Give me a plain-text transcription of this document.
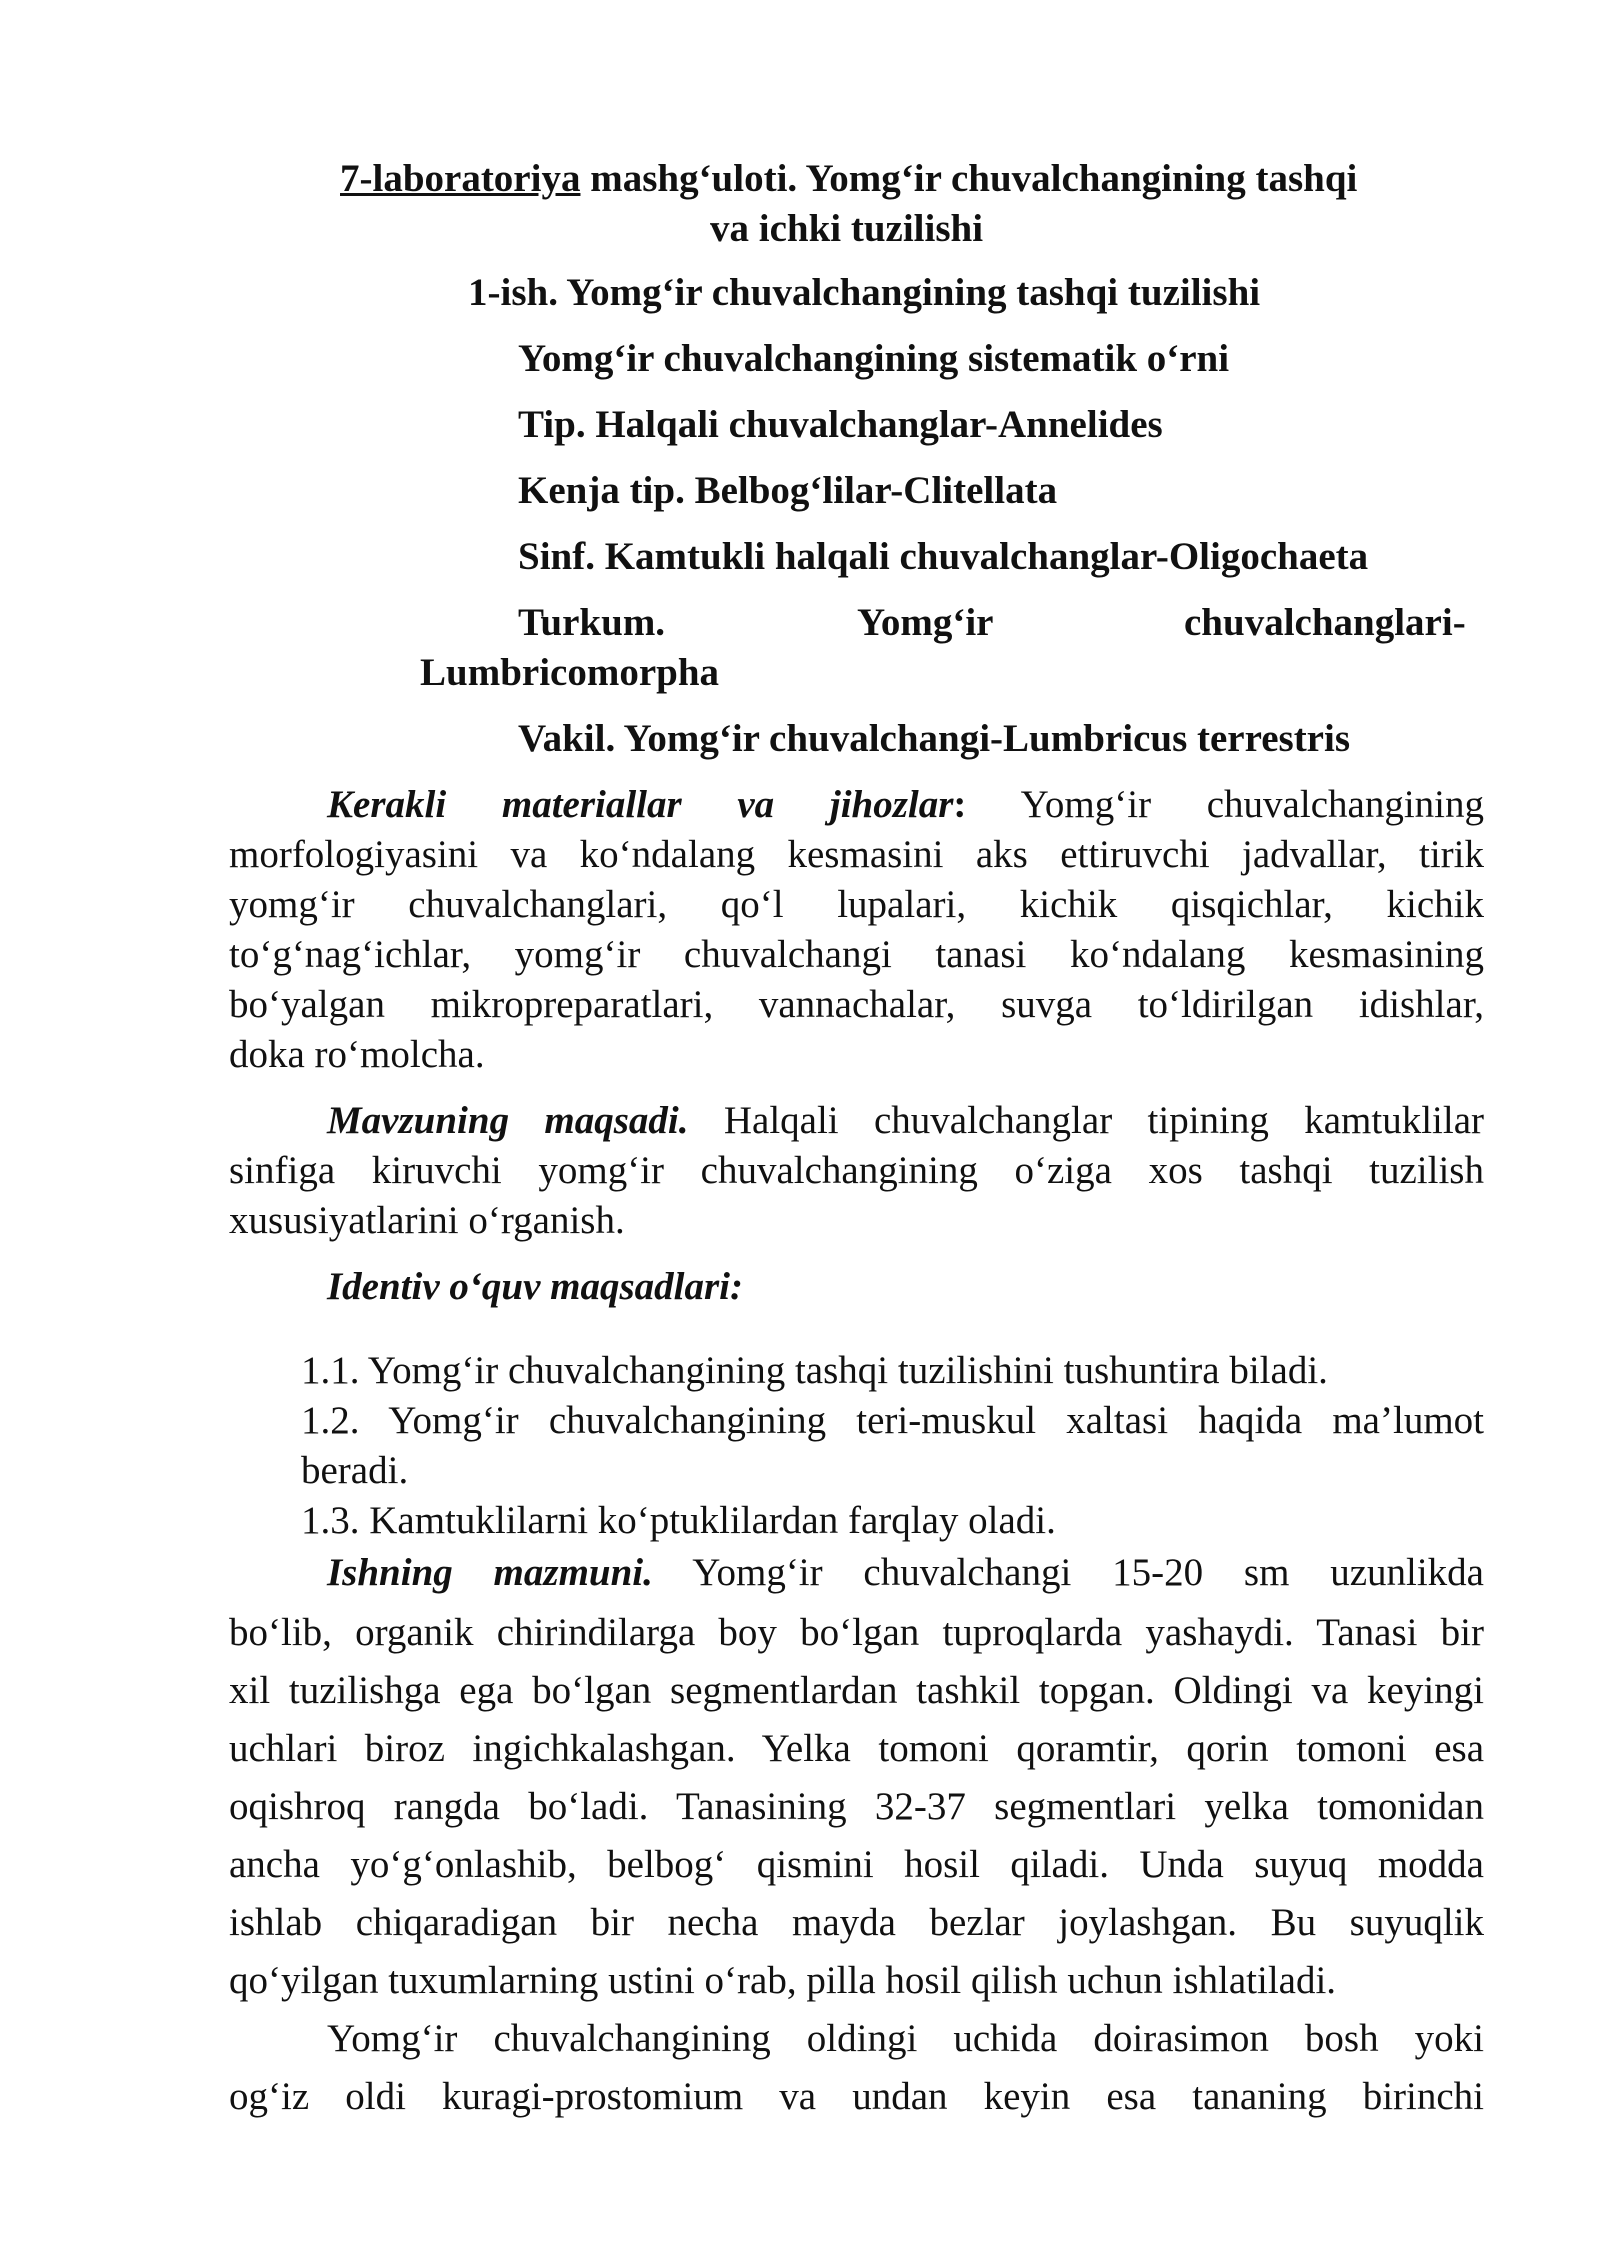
7-laboratoriya mashg‘uloti. Yomg‘ir chuvalchangining tashqi
va ichki tuzilishi
1-ish. Yomg‘ir chuvalchangining tashqi tuzilishi
Yomg‘ir chuvalchangining sistematik o‘rni
Tip. Halqali chuvalchanglar-Annelides
Kenja tip. Belbog‘lilar-Clitellata
Sinf. Kamtukli halqali chuvalchanglar-Oligochaeta
Turkum.	Yomg‘ir	chuvalchanglari-
Lumbricomorpha
Vakil. Yomg‘ir chuvalchangi-Lumbricus terrestris
Kerakli materiallar va jihozlar: Yomg‘ir chuvalchangining
morfologiyasini va ko‘ndalang kesmasini aks ettiruvchi jadvallar, tirik
yomg‘ir chuvalchanglari, qo‘l lupalari, kichik qisqichlar, kichik
to‘g‘nag‘ichlar, yomg‘ir chuvalchangi tanasi ko‘ndalang kesmasining
bo‘yalgan mikropreparatlari, vannachalar, suvga to‘ldirilgan idishlar,
doka ro‘molcha.
Mavzuning maqsadi. Halqali chuvalchanglar tipining kamtuklilar
sinfiga kiruvchi yomg‘ir chuvalchangining o‘ziga xos tashqi tuzilish
xususiyatlarini o‘rganish.
Identiv o‘quv maqsadlari:
1.1. Yomg‘ir chuvalchangining tashqi tuzilishini tushuntira biladi.
1.2. Yomg‘ir chuvalchangining teri-muskul xaltasi haqida ma’lumot
beradi.
1.3. Kamtuklilarni ko‘ptuklilardan farqlay oladi.
Ishning mazmuni. Yomg‘ir chuvalchangi 15-20 sm uzunlikda
bo‘lib, organik chirindilarga boy bo‘lgan tuproqlarda yashaydi. Tanasi bir
xil tuzilishga ega bo‘lgan segmentlardan tashkil topgan. Oldingi va keyingi
uchlari biroz ingichkalashgan. Yelka tomoni qoramtir, qorin tomoni esa
oqishroq rangda bo‘ladi. Tanasining 32-37 segmentlari yelka tomonidan
ancha yo‘g‘onlashib, belbog‘ qismini hosil qiladi. Unda suyuq modda
ishlab chiqaradigan bir necha mayda bezlar joylashgan. Bu suyuqlik
qo‘yilgan tuxumlarning ustini o‘rab, pilla hosil qilish uchun ishlatiladi.
Yomg‘ir chuvalchangining oldingi uchida doirasimon bosh yoki
og‘iz oldi kuragi-prostomium va undan keyin esa tananing birinchi
